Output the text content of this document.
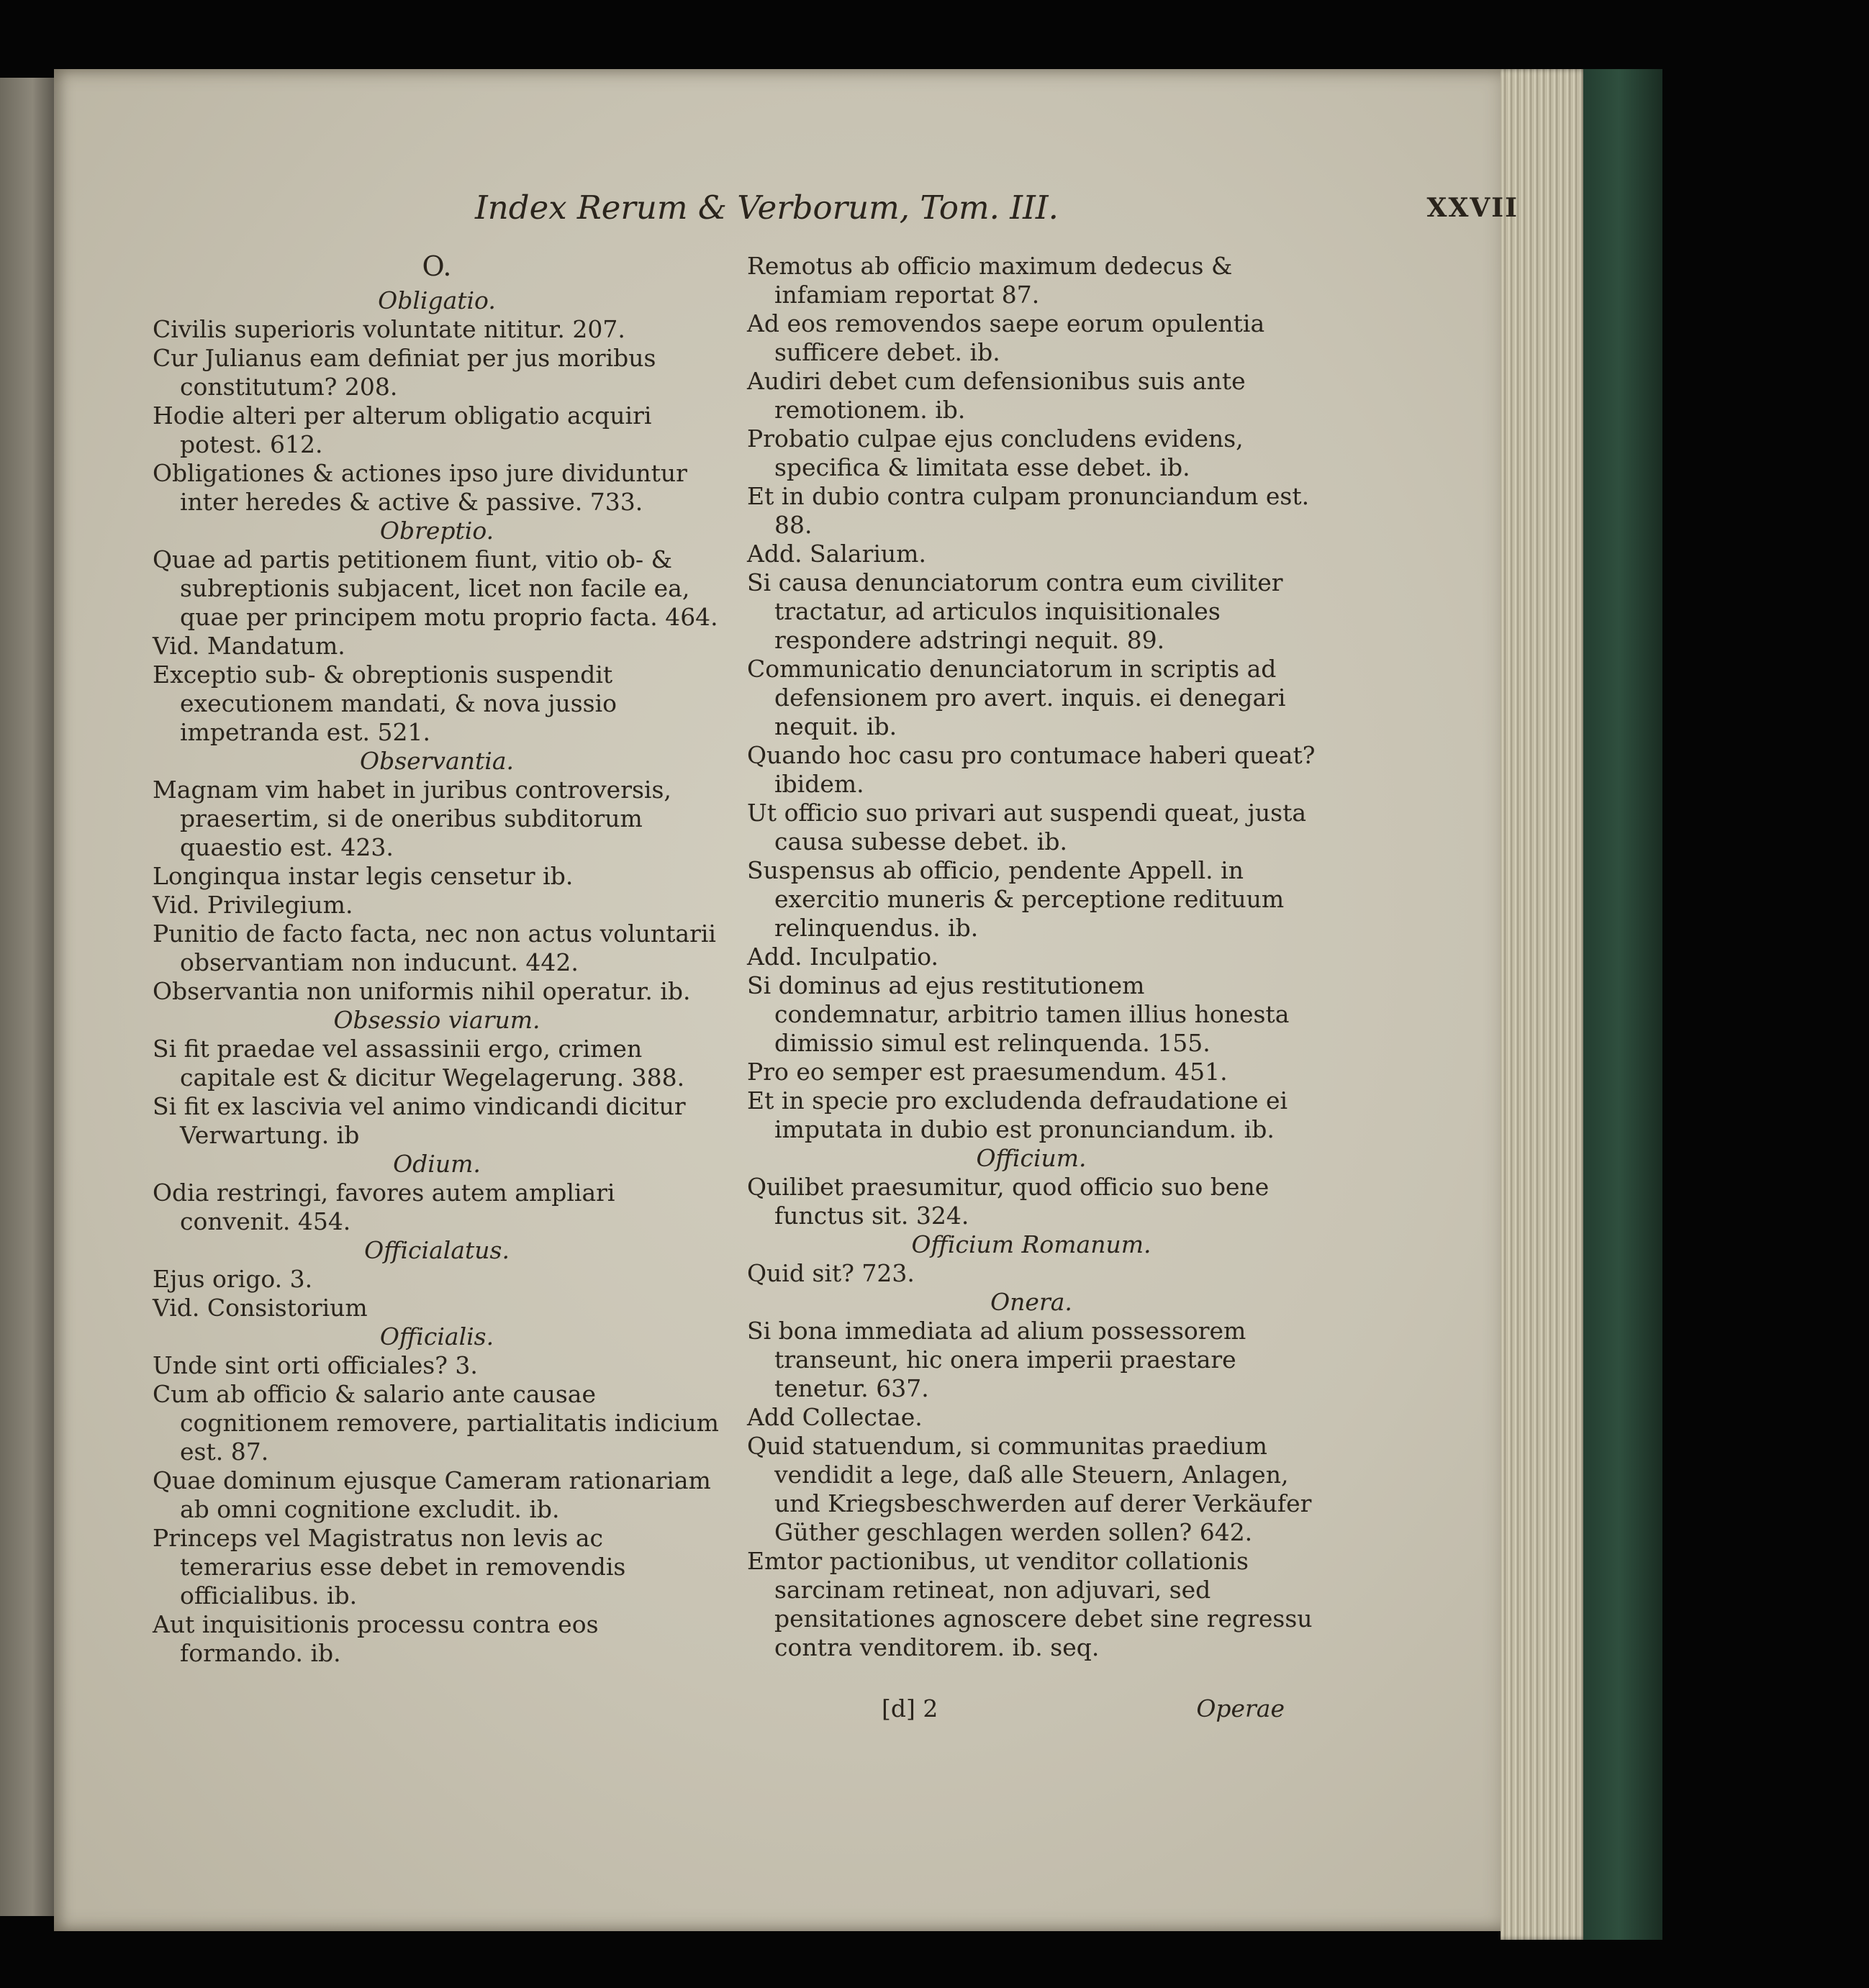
Index Rerum & Verborum, Tom. III.	XXVII

O.

Obligatio.

Civilis superioris voluntate nititur. 207.

Cur Julianus eam definiat per jus moribus constitutum? 208.

Hodie alteri per alterum obligatio acquiri potest. 612.

Obligationes & actiones ipso jure dividuntur inter heredes & active & passive. 733.

Obreptio.

Quae ad partis petitionem fiunt, vitio ob- & subreptionis subjacent, licet non facile ea, quae per principem motu proprio facta. 464.

Vid. Mandatum.

Exceptio sub- & obreptionis suspendit executionem mandati, & nova jussio impetranda est. 521.

Observantia.

Magnam vim habet in juribus controversis, praesertim, si de oneribus subditorum quaestio est. 423.

Longinqua instar legis censetur ib.

Vid. Privilegium.

Punitio de facto facta, nec non actus voluntarii observantiam non inducunt. 442.

Observantia non uniformis nihil operatur. ib.

Obsessio viarum.

Si fit praedae vel assassinii ergo, crimen capitale est & dicitur Wegelagerung. 388.

Si fit ex lascivia vel animo vindicandi dicitur Verwartung. ib

Odium.

Odia restringi, favores autem ampliari convenit. 454.

Officialatus.

Ejus origo. 3.

Vid. Consistorium

Officialis.

Unde sint orti officiales? 3.

Cum ab officio & salario ante causae cognitionem removere, partialitatis indicium est. 87.

Quae dominum ejusque Cameram rationariam ab omni cognitione excludit. ib.

Princeps vel Magistratus non levis ac temerarius esse debet in removendis officialibus. ib.

Aut inquisitionis processu contra eos formando. ib.

Remotus ab officio maximum dedecus & infamiam reportat 87.

Ad eos removendos saepe eorum opulentia sufficere debet. ib.

Audiri debet cum defensionibus suis ante remotionem. ib.

Probatio culpae ejus concludens evidens, specifica & limitata esse debet. ib.

Et in dubio contra culpam pronunciandum est. 88.

Add. Salarium.

Si causa denunciatorum contra eum civiliter tractatur, ad articulos inquisitionales respondere adstringi nequit. 89.

Communicatio denunciatorum in scriptis ad defensionem pro avert. inquis. ei denegari nequit. ib.

Quando hoc casu pro contumace haberi queat? ibidem.

Ut officio suo privari aut suspendi queat, justa causa subesse debet. ib.

Suspensus ab officio, pendente Appell. in exercitio muneris & perceptione redituum relinquendus. ib.

Add. Inculpatio.

Si dominus ad ejus restitutionem condemnatur, arbitrio tamen illius honesta dimissio simul est relinquenda. 155.

Pro eo semper est praesumendum. 451.

Et in specie pro excludenda defraudatione ei imputata in dubio est pronunciandum. ib.

Officium.

Quilibet praesumitur, quod officio suo bene functus sit. 324.

Officium Romanum.

Quid sit? 723.

Onera.

Si bona immediata ad alium possessorem transeunt, hic onera imperii praestare tenetur. 637.

Add Collectae.

Quid statuendum, si communitas praedium vendidit a lege, daß alle Steuern, Anlagen, und Kriegsbeschwerden auf derer Verkäufer Güther geschlagen werden sollen? 642.

Emtor pactionibus, ut venditor collationis sarcinam retineat, non adjuvari, sed pensitationes agnoscere debet sine regressu contra venditorem. ib. seq.

[d] 2	Operae
